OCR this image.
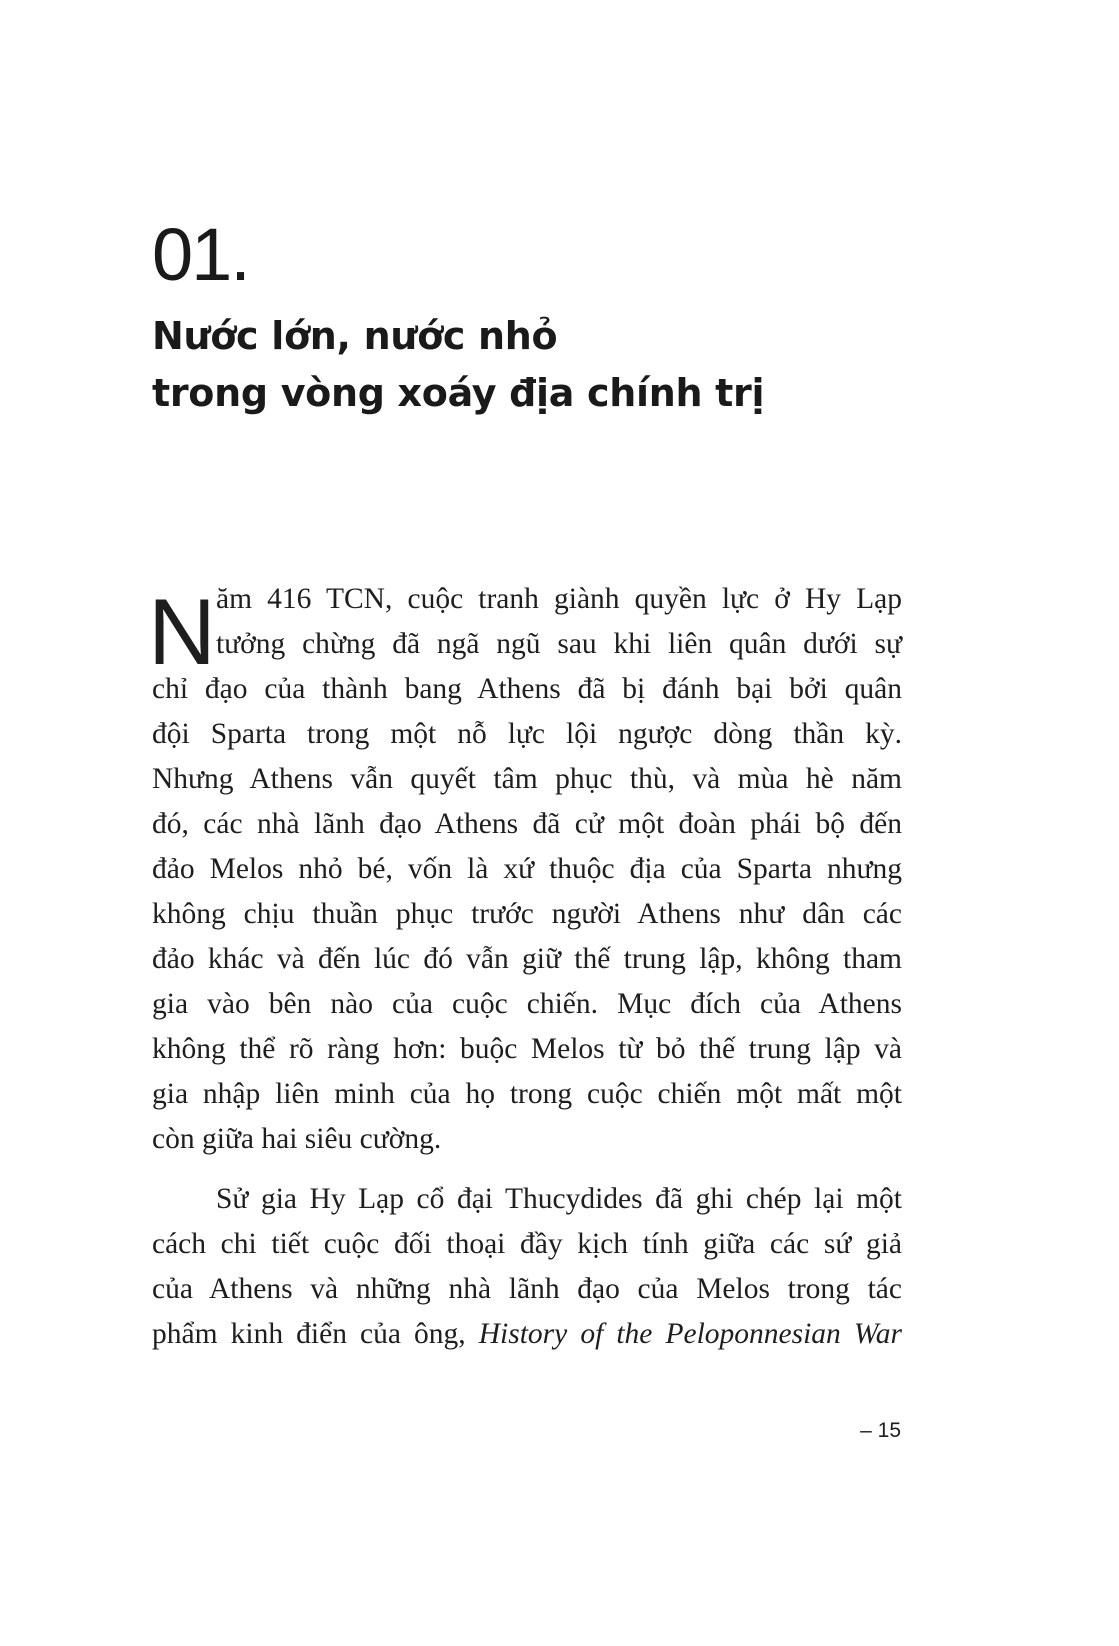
01.
Nước lớn, nước nhỏ
trong vòng xoáy địa chính trị
N ăm 416 TCN, cuộc tranh giành quyền lực ở Hy Lạp
tưởng chừng đã ngã ngũ sau khi liên quân dưới sự
chỉ đạo của thành bang Athens đã bị đánh bại bởi quân
đội Sparta trong một nỗ lực lội ngược dòng thần kỳ.
Nhưng Athens vẫn quyết tâm phục thù, và mùa hè năm
đó, các nhà lãnh đạo Athens đã cử một đoàn phái bộ đến
đảo Melos nhỏ bé, vốn là xứ thuộc địa của Sparta nhưng
không chịu thuần phục trước người Athens như dân các
đảo khác và đến lúc đó vẫn giữ thế trung lập, không tham
gia vào bên nào của cuộc chiến. Mục đích của Athens
không thể rõ ràng hơn: buộc Melos từ bỏ thế trung lập và
gia nhập liên minh của họ trong cuộc chiến một mất một
còn giữa hai siêu cường.
Sử gia Hy Lạp cổ đại Thucydides đã ghi chép lại một
cách chi tiết cuộc đối thoại đầy kịch tính giữa các sứ giả
của Athens và những nhà lãnh đạo của Melos trong tác
phẩm kinh điển của ông, History of the Peloponnesian War
– 15
